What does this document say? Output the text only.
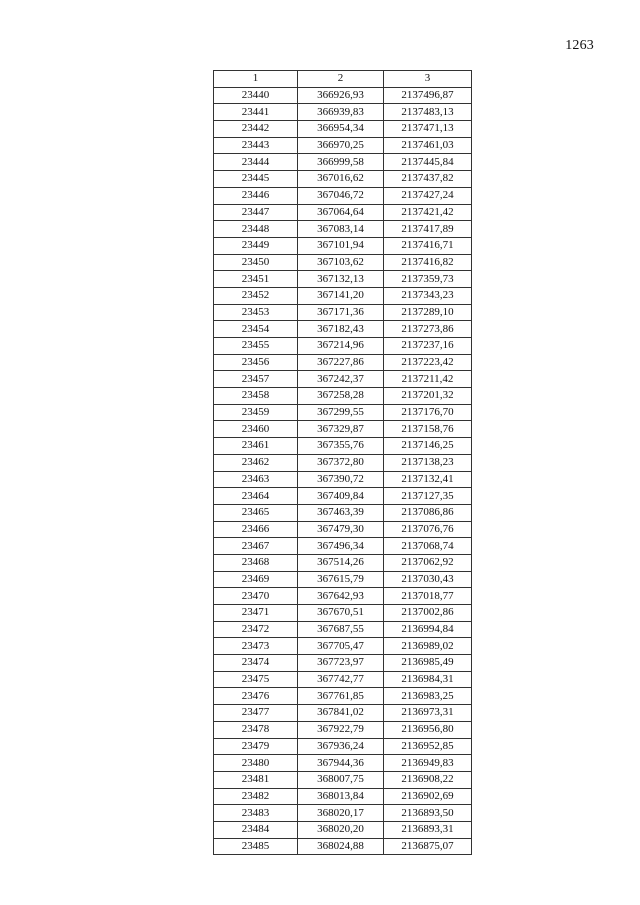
1263
1	2	3
23440	366926,93	2137496,87
23441	366939,83	2137483,13
23442	366954,34	2137471,13
23443	366970,25	2137461,03
23444	366999,58	2137445,84
23445	367016,62	2137437,82
23446	367046,72	2137427,24
23447	367064,64	2137421,42
23448	367083,14	2137417,89
23449	367101,94	2137416,71
23450	367103,62	2137416,82
23451	367132,13	2137359,73
23452	367141,20	2137343,23
23453	367171,36	2137289,10
23454	367182,43	2137273,86
23455	367214,96	2137237,16
23456	367227,86	2137223,42
23457	367242,37	2137211,42
23458	367258,28	2137201,32
23459	367299,55	2137176,70
23460	367329,87	2137158,76
23461	367355,76	2137146,25
23462	367372,80	2137138,23
23463	367390,72	2137132,41
23464	367409,84	2137127,35
23465	367463,39	2137086,86
23466	367479,30	2137076,76
23467	367496,34	2137068,74
23468	367514,26	2137062,92
23469	367615,79	2137030,43
23470	367642,93	2137018,77
23471	367670,51	2137002,86
23472	367687,55	2136994,84
23473	367705,47	2136989,02
23474	367723,97	2136985,49
23475	367742,77	2136984,31
23476	367761,85	2136983,25
23477	367841,02	2136973,31
23478	367922,79	2136956,80
23479	367936,24	2136952,85
23480	367944,36	2136949,83
23481	368007,75	2136908,22
23482	368013,84	2136902,69
23483	368020,17	2136893,50
23484	368020,20	2136893,31
23485	368024,88	2136875,07
